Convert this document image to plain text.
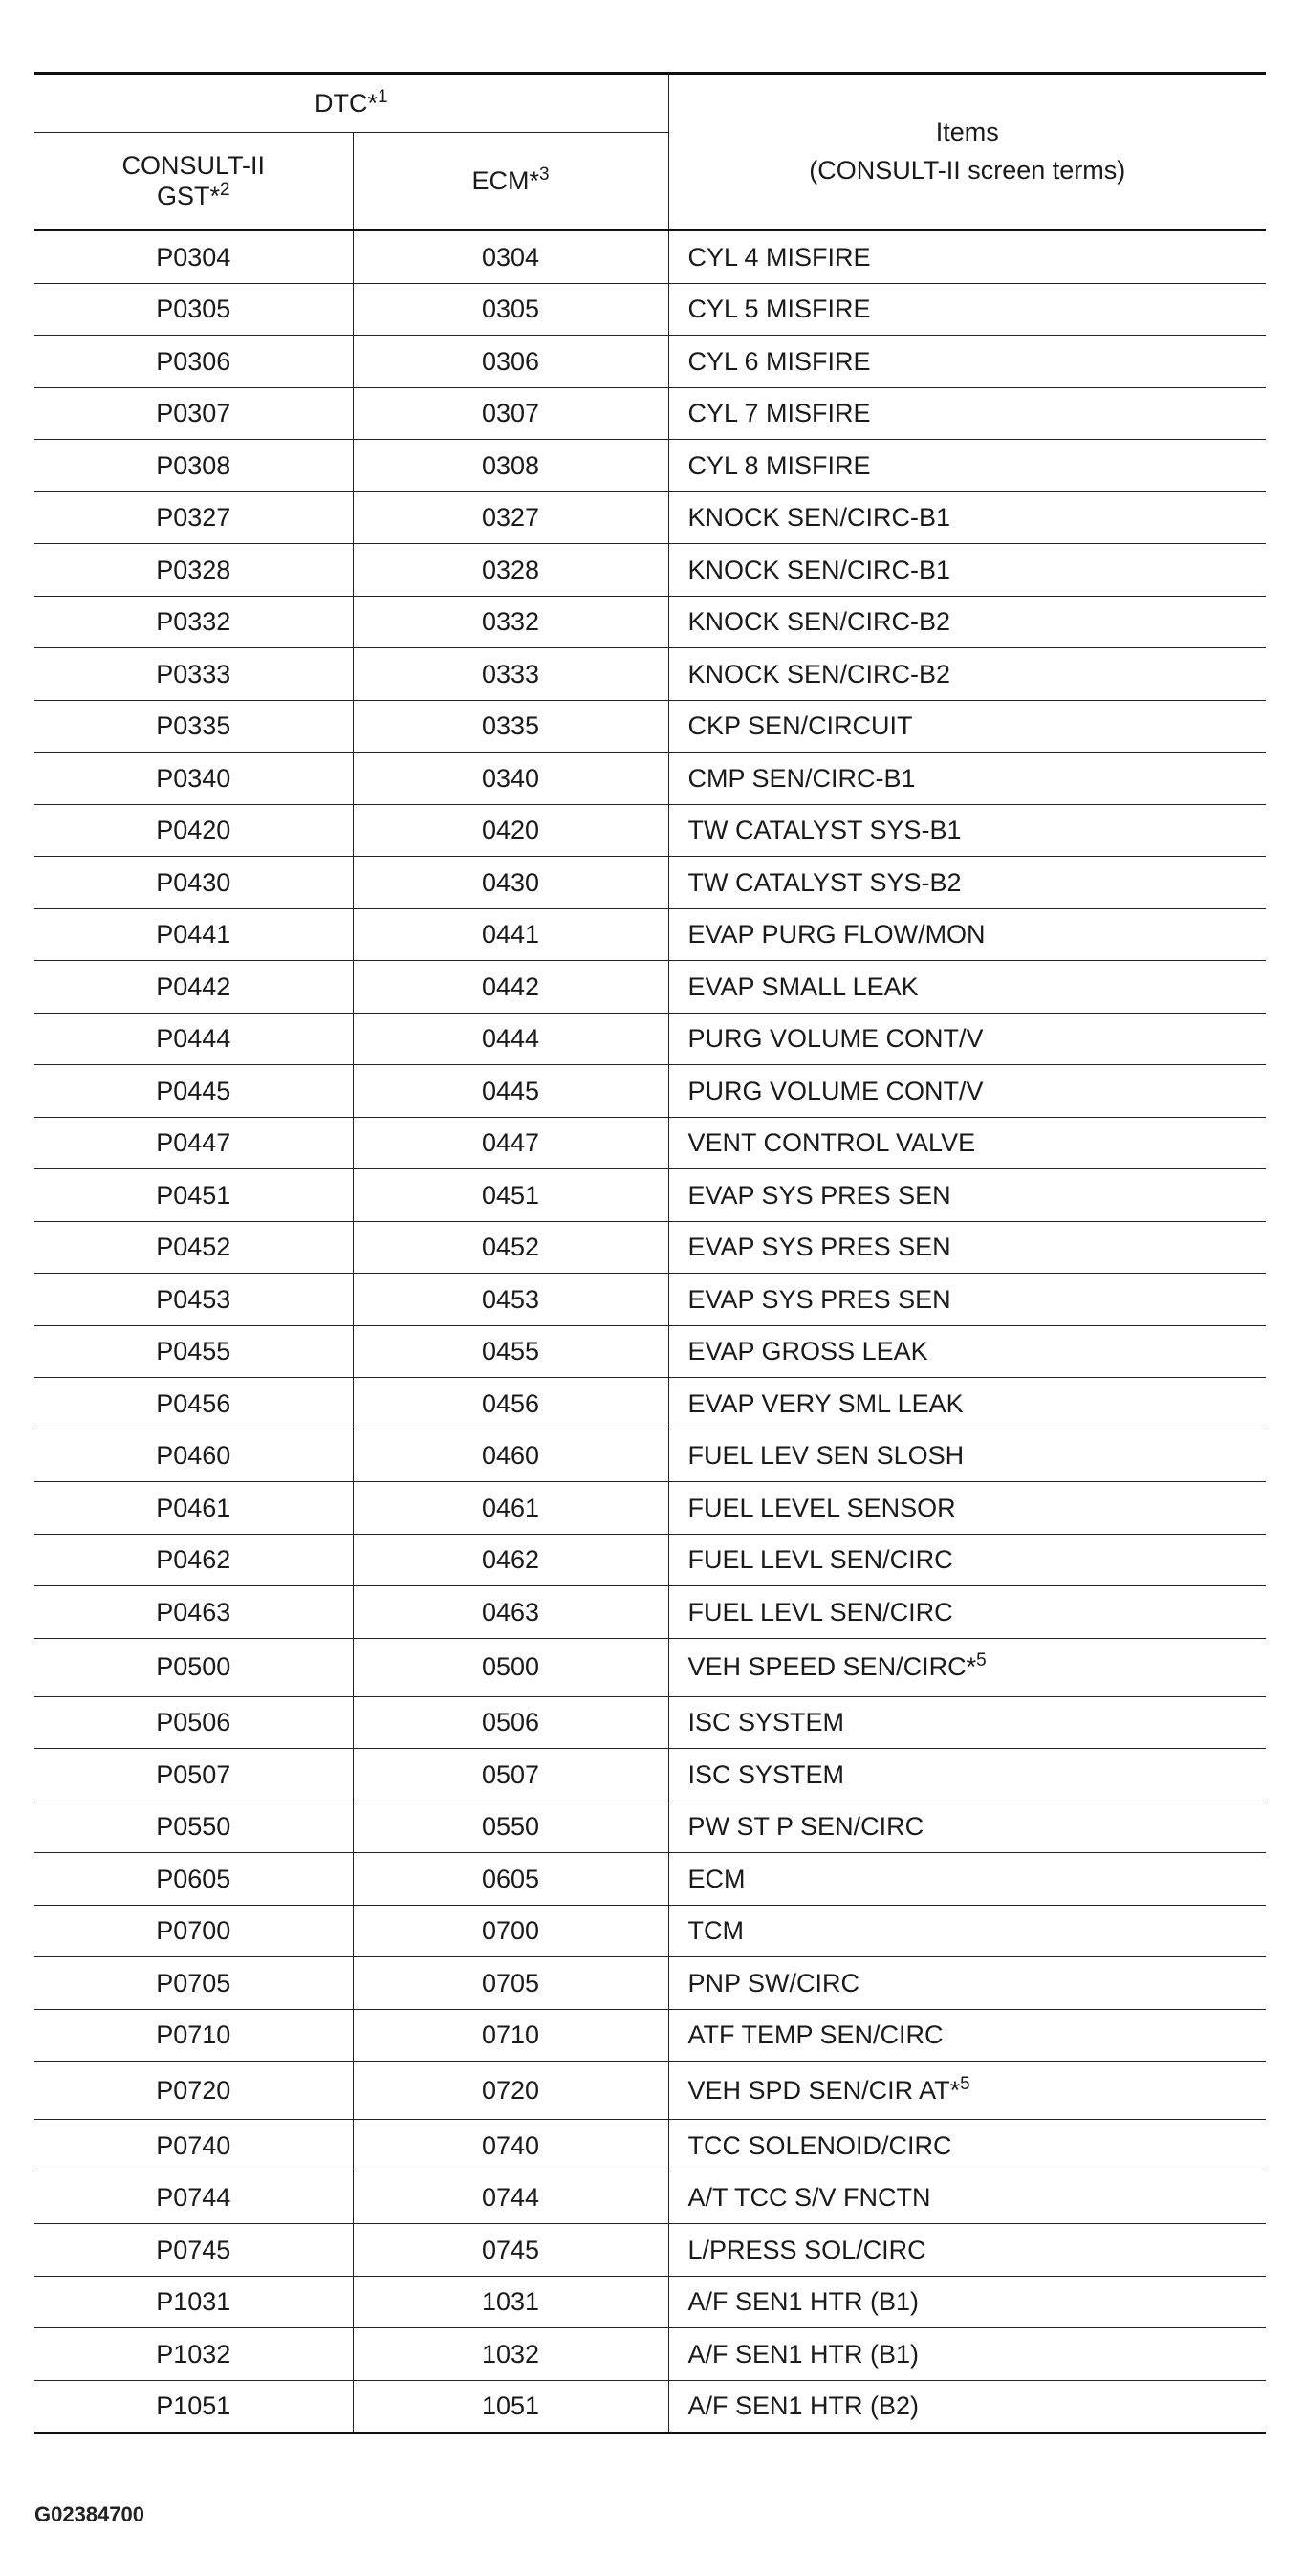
DTC*$^1$		Items
(CONSULT-II screen terms)

CONSULT-II
GST*$^2$	ECM*$^3$
P0304	0304	CYL 4 MISFIRE
P0305	0305	CYL 5 MISFIRE
P0306	0306	CYL 6 MISFIRE
P0307	0307	CYL 7 MISFIRE
P0308	0308	CYL 8 MISFIRE
P0327	0327	KNOCK SEN/CIRC-B1
P0328	0328	KNOCK SEN/CIRC-B1
P0332	0332	KNOCK SEN/CIRC-B2
P0333	0333	KNOCK SEN/CIRC-B2
P0335	0335	CKP SEN/CIRCUIT
P0340	0340	CMP SEN/CIRC-B1
P0420	0420	TW CATALYST SYS-B1
P0430	0430	TW CATALYST SYS-B2
P0441	0441	EVAP PURG FLOW/MON
P0442	0442	EVAP SMALL LEAK
P0444	0444	PURG VOLUME CONT/V
P0445	0445	PURG VOLUME CONT/V
P0447	0447	VENT CONTROL VALVE
P0451	0451	EVAP SYS PRES SEN
P0452	0452	EVAP SYS PRES SEN
P0453	0453	EVAP SYS PRES SEN
P0455	0455	EVAP GROSS LEAK
P0456	0456	EVAP VERY SML LEAK
P0460	0460	FUEL LEV SEN SLOSH
P0461	0461	FUEL LEVEL SENSOR
P0462	0462	FUEL LEVL SEN/CIRC
P0463	0463	FUEL LEVL SEN/CIRC
P0500	0500	VEH SPEED SEN/CIRC*$^5$
P0506	0506	ISC SYSTEM
P0507	0507	ISC SYSTEM
P0550	0550	PW ST P SEN/CIRC
P0605	0605	ECM
P0700	0700	TCM
P0705	0705	PNP SW/CIRC
P0710	0710	ATF TEMP SEN/CIRC
P0720	0720	VEH SPD SEN/CIR AT*$^5$
P0740	0740	TCC SOLENOID/CIRC
P0744	0744	A/T TCC S/V FNCTN
P0745	0745	L/PRESS SOL/CIRC
P1031	1031	A/F SEN1 HTR (B1)
P1032	1032	A/F SEN1 HTR (B1)
P1051	1051	A/F SEN1 HTR (B2)
G02384700
